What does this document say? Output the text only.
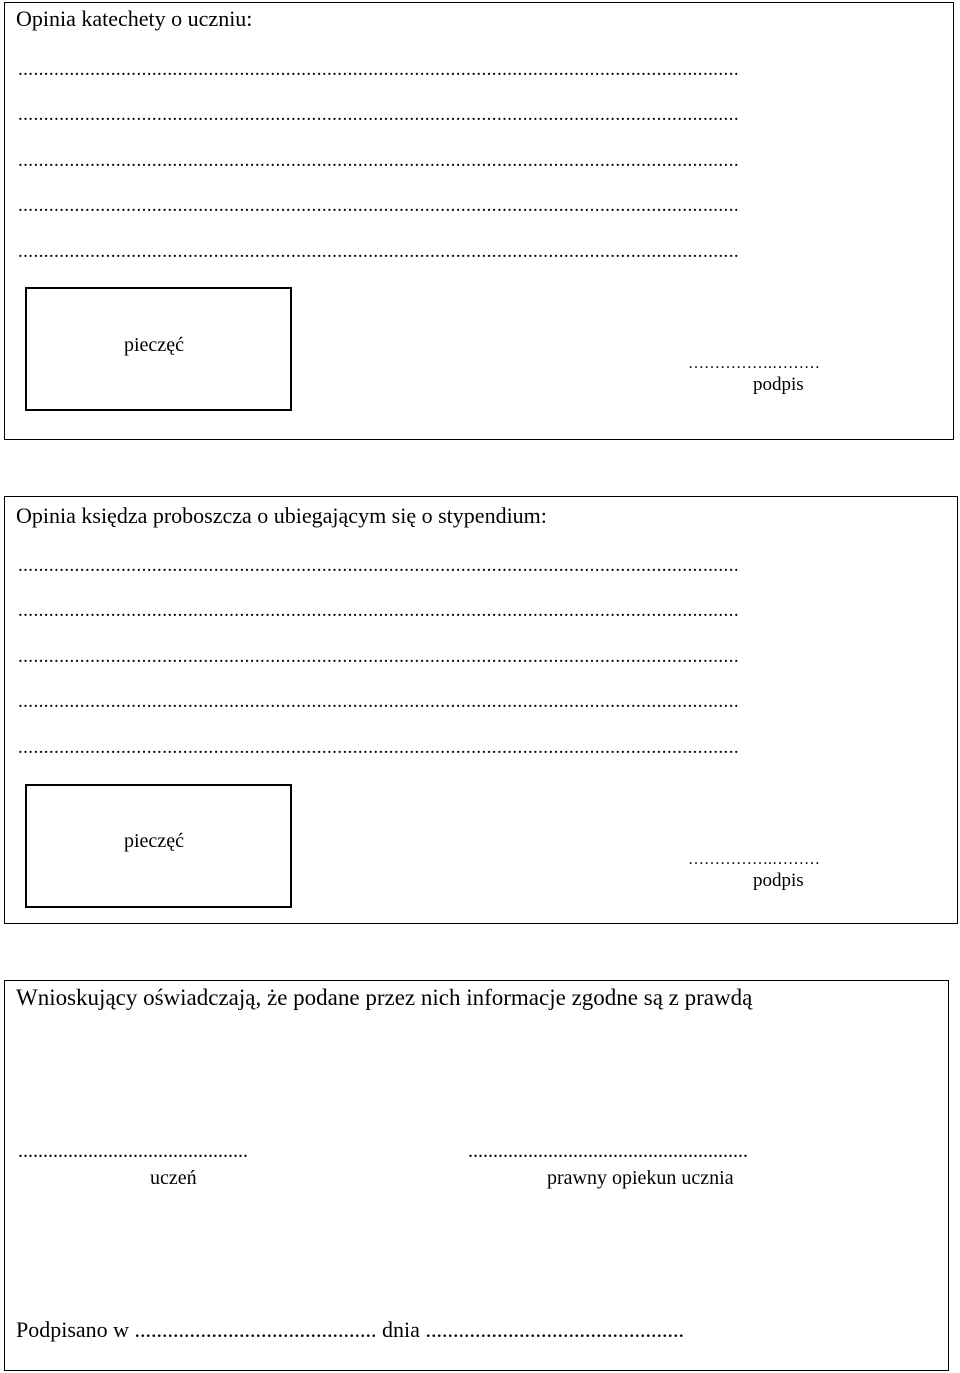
Opinia katechety o uczniu:
............................................................................................................................................
............................................................................................................................................
............................................................................................................................................
............................................................................................................................................
............................................................................................................................................
pieczęć
…………….………
podpis
Opinia księdza proboszcza o ubiegającym się o stypendium:
............................................................................................................................................
............................................................................................................................................
............................................................................................................................................
............................................................................................................................................
............................................................................................................................................
pieczęć
…………….………
podpis
Wnioskujący oświadczają, że podane przez nich informacje zgodne są z prawdą
..............................................
uczeń
........................................................
prawny opiekun ucznia
Podpisano w ............................................ dnia ...............................................
